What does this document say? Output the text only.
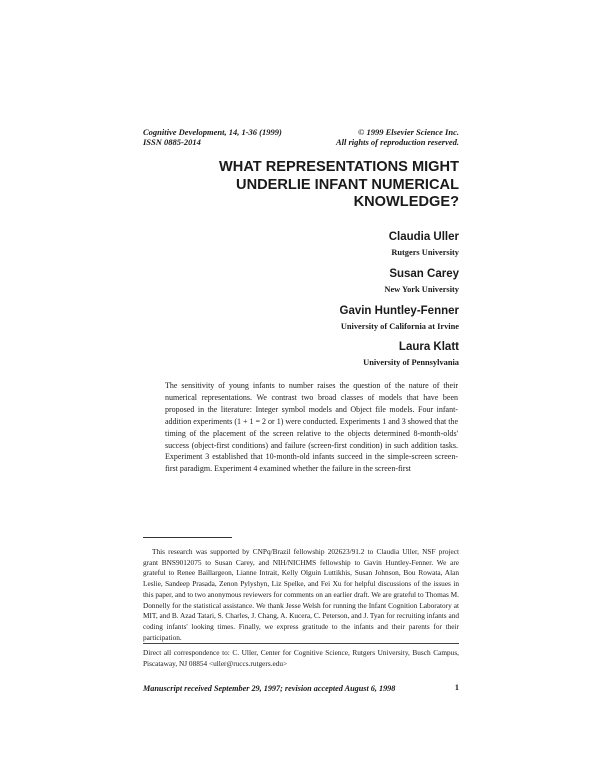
Cognitive Development, 14, 1-36 (1999)
ISSN 0885-2014
© 1999 Elsevier Science Inc.
All rights of reproduction reserved.
WHAT REPRESENTATIONS MIGHT
UNDERLIE INFANT NUMERICAL
KNOWLEDGE?
Claudia Uller
Rutgers University
Susan Carey
New York University
Gavin Huntley-Fenner
University of California at Irvine
Laura Klatt
University of Pennsylvania

The sensitivity of young infants to number raises the question of the nature of their numerical representations. We contrast two broad classes of models that have been proposed in the literature: Integer symbol models and Object file models. Four infant-addition experiments (1 + 1 = 2 or 1) were conducted. Experiments 1 and 3 showed that the timing of the placement of the screen relative to the objects determined 8-month-olds' success (object-first conditions) and failure (screen-first condition) in such addition tasks. Experiment 3 established that 10-month-old infants succeed in the simple-screen screen-first paradigm. Experiment 4 examined whether the failure in the screen-first

This research was supported by CNPq/Brazil fellowship 202623/91.2 to Claudia Uller, NSF project grant BNS9012075 to Susan Carey, and NIH/NICHMS fellowship to Gavin Huntley-Fenner. We are grateful to Renee Baillargeon, Lianne Intrait, Kelly Olguin Luttikhis, Susan Johnson, Bou Rowata, Alan Leslie, Sandeep Prasada, Zenon Pylyshyn, Liz Spelke, and Fei Xu for helpful discussions of the issues in this paper, and to two anonymous reviewers for comments on an earlier draft. We are grateful to Thomas M. Donnelly for the statistical assistance. We thank Jesse Welsh for running the Infant Cognition Laboratory at MIT, and B. Azad Tatari, S. Charles, J. Chang, A. Kucera, C. Peterson, and J. Tyan for recruiting infants and coding infants' looking times. Finally, we express gratitude to the infants and their parents for their participation.

Direct all correspondence to: C. Uller, Center for Cognitive Science, Rutgers University, Busch Campus, Piscataway, NJ 08854 <uller@ruccs.rutgers.edu>

Manuscript received September 29, 1997; revision accepted August 6, 1998	1
